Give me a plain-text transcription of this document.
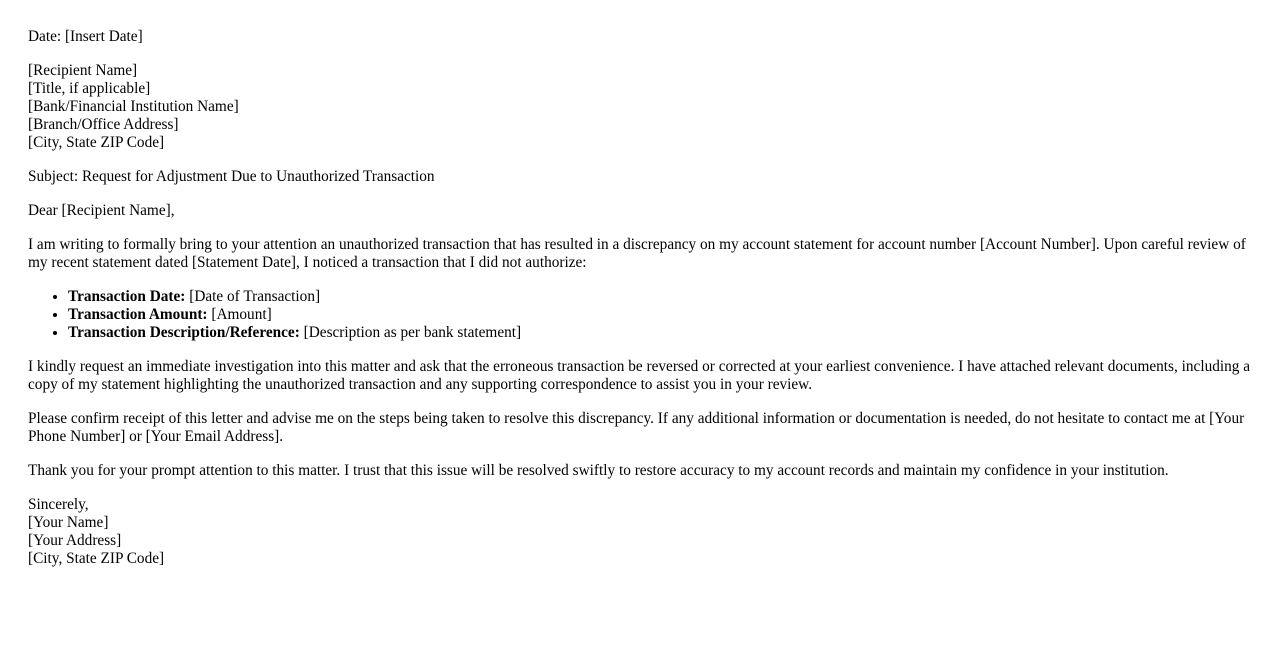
Date: [Insert Date]

[Recipient Name]
[Title, if applicable]
[Bank/Financial Institution Name]
[Branch/Office Address]
[City, State ZIP Code]

Subject: Request for Adjustment Due to Unauthorized Transaction

Dear [Recipient Name],

I am writing to formally bring to your attention an unauthorized transaction that has resulted in a discrepancy on my account statement for account number [Account Number]. Upon careful review of my recent statement dated [Statement Date], I noticed a transaction that I did not authorize:

• Transaction Date: [Date of Transaction]
• Transaction Amount: [Amount]
• Transaction Description/Reference: [Description as per bank statement]

I kindly request an immediate investigation into this matter and ask that the erroneous transaction be reversed or corrected at your earliest convenience. I have attached relevant documents, including a copy of my statement highlighting the unauthorized transaction and any supporting correspondence to assist you in your review.

Please confirm receipt of this letter and advise me on the steps being taken to resolve this discrepancy. If any additional information or documentation is needed, do not hesitate to contact me at [Your Phone Number] or [Your Email Address].

Thank you for your prompt attention to this matter. I trust that this issue will be resolved swiftly to restore accuracy to my account records and maintain my confidence in your institution.

Sincerely,
[Your Name]
[Your Address]
[City, State ZIP Code]
